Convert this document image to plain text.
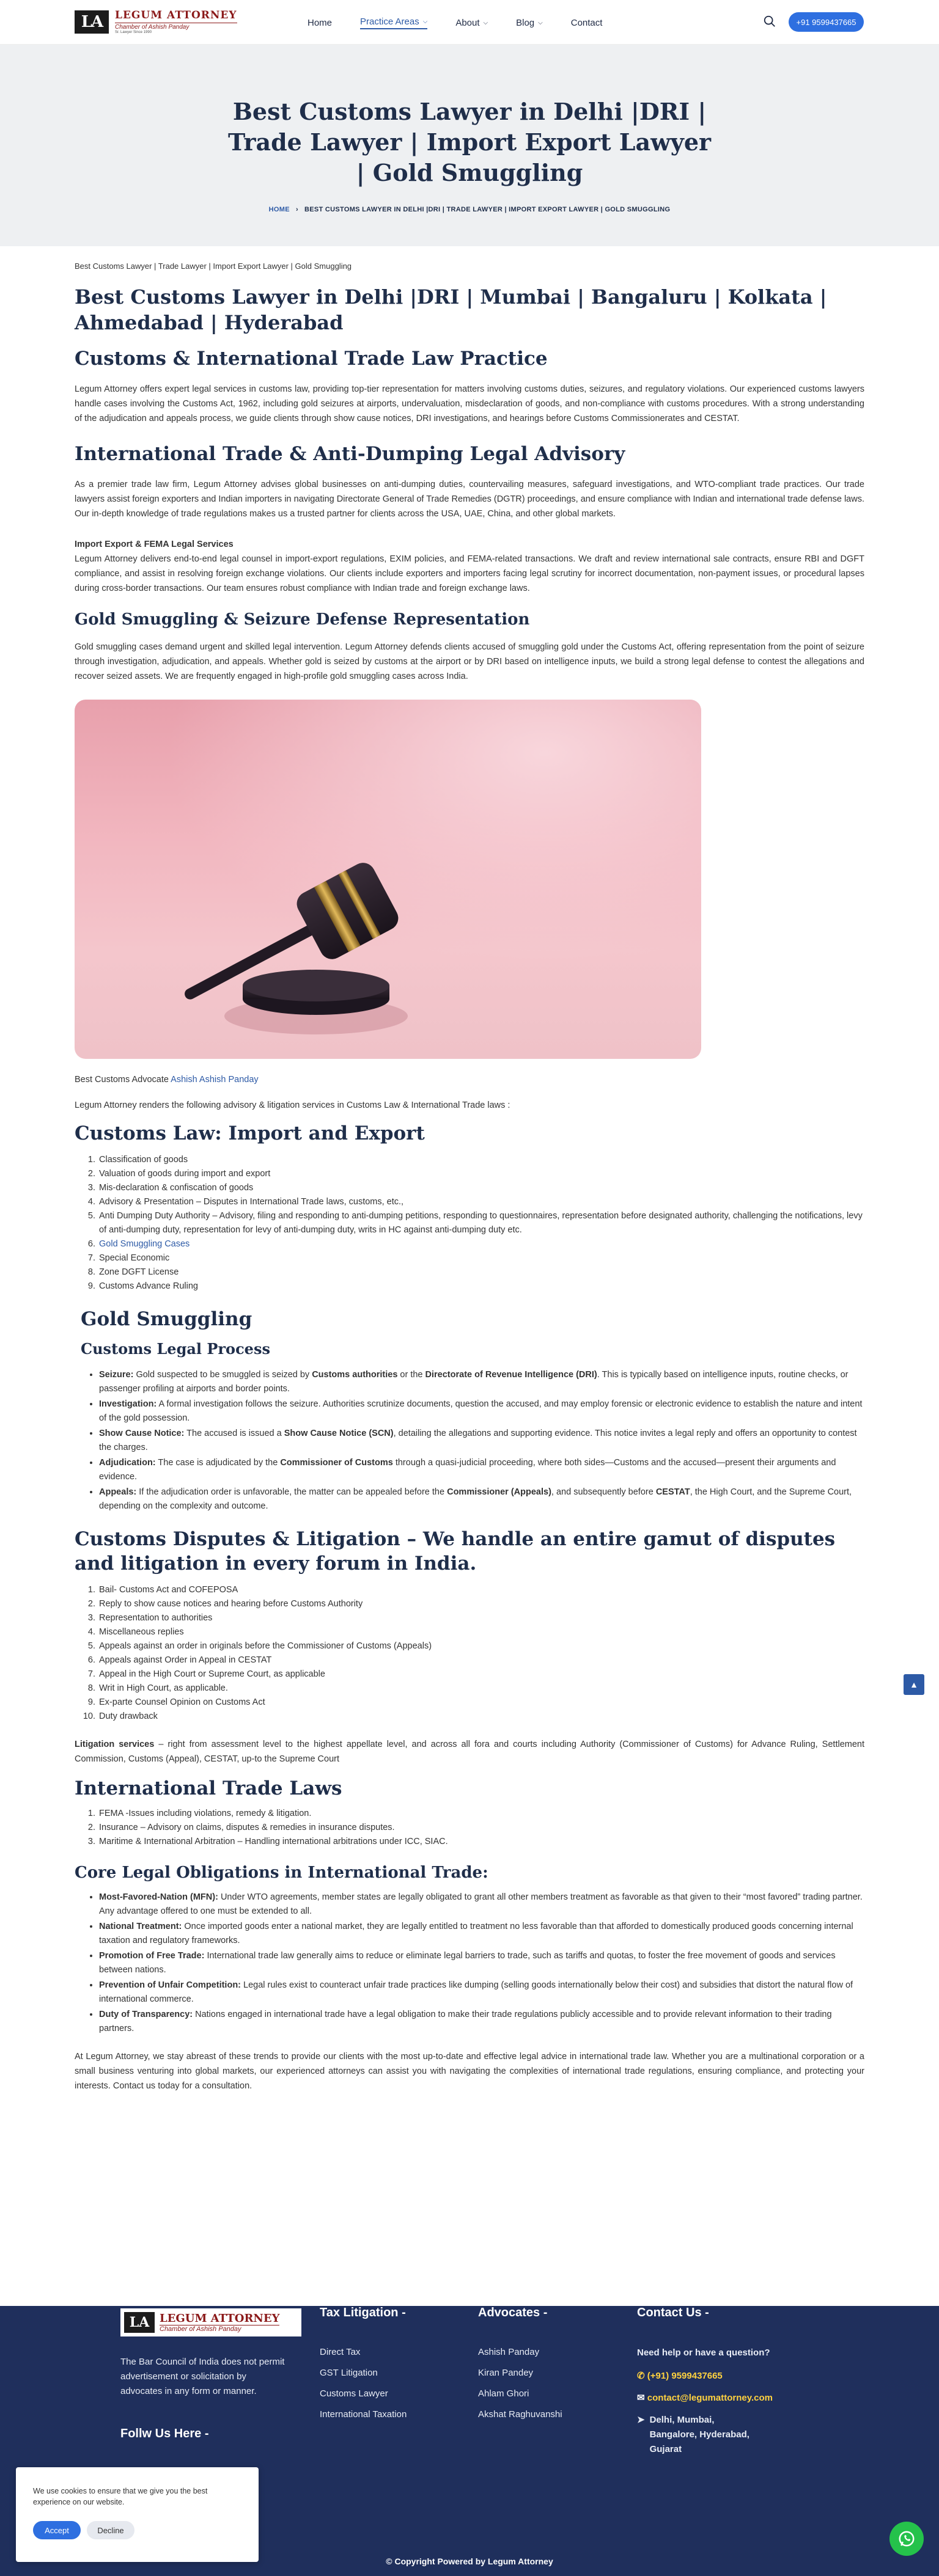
LA	LEGUM ATTORNEY
Chamber of Ashish Panday
Sr. Lawyer Since 1990
Home	Practice Areas ⌵	About ⌵	Blog ⌵	Contact	+91 9599437665
Best Customs Lawyer in Delhi |DRI | Trade Lawyer | Import Export Lawyer | Gold Smuggling
HOME › BEST CUSTOMS LAWYER IN DELHI |DRI | TRADE LAWYER | IMPORT EXPORT LAWYER | GOLD SMUGGLING

Best Customs Lawyer | Trade Lawyer | Import Export Lawyer | Gold Smuggling

Best Customs Lawyer in Delhi |DRI | Mumbai | Bangaluru | Kolkata | Ahmedabad | Hyderabad
Customs & International Trade Law Practice

Legum Attorney offers expert legal services in customs law, providing top-tier representation for matters involving customs duties, seizures, and regulatory violations. Our experienced customs lawyers handle cases involving the Customs Act, 1962, including gold seizures at airports, undervaluation, misdeclaration of goods, and non-compliance with customs procedures. With a strong understanding of the adjudication and appeals process, we guide clients through show cause notices, DRI investigations, and hearings before Customs Commissionerates and CESTAT.

International Trade & Anti-Dumping Legal Advisory

As a premier trade law firm, Legum Attorney advises global businesses on anti-dumping duties, countervailing measures, safeguard investigations, and WTO-compliant trade practices. Our trade lawyers assist foreign exporters and Indian importers in navigating Directorate General of Trade Remedies (DGTR) proceedings, and ensure compliance with Indian and international trade defense laws. Our in-depth knowledge of trade regulations makes us a trusted partner for clients across the USA, UAE, China, and other global markets.

Import Export & FEMA Legal Services

Legum Attorney delivers end-to-end legal counsel in import-export regulations, EXIM policies, and FEMA-related transactions. We draft and review international sale contracts, ensure RBI and DGFT compliance, and assist in resolving foreign exchange violations. Our clients include exporters and importers facing legal scrutiny for incorrect documentation, non-payment issues, or procedural lapses during cross-border transactions. Our team ensures robust compliance with Indian trade and foreign exchange laws.

Gold Smuggling & Seizure Defense Representation

Gold smuggling cases demand urgent and skilled legal intervention. Legum Attorney defends clients accused of smuggling gold under the Customs Act, offering representation from the point of seizure through investigation, adjudication, and appeals. Whether gold is seized by customs at the airport or by DRI based on intelligence inputs, we build a strong legal defense to contest the allegations and recover seized assets. We are frequently engaged in high-profile gold smuggling cases across India.

Best Customs Advocate Ashish Ashish Panday

Legum Attorney renders the following advisory & litigation services in Customs Law & International Trade laws :

Customs Law: Import and Export
1. Classification of goods
2. Valuation of goods during import and export
3. Mis-declaration & confiscation of goods
4. Advisory & Presentation – Disputes in International Trade laws, customs, etc.,
5. Anti Dumping Duty Authority – Advisory, filing and responding to anti-dumping petitions, responding to questionnaires, representation before designated authority, challenging the notifications, levy of anti-dumping duty, representation for levy of anti-dumping duty, writs in HC against anti-dumping duty etc.
6. Gold Smuggling Cases
7. Special Economic
8. Zone DGFT License
9. Customs Advance Ruling
Gold Smuggling
Customs Legal Process
• Seizure: Gold suspected to be smuggled is seized by Customs authorities or the Directorate of Revenue Intelligence (DRI). This is typically based on intelligence inputs, routine checks, or passenger profiling at airports and border points.
• Investigation: A formal investigation follows the seizure. Authorities scrutinize documents, question the accused, and may employ forensic or electronic evidence to establish the nature and intent of the gold possession.
• Show Cause Notice: The accused is issued a Show Cause Notice (SCN), detailing the allegations and supporting evidence. This notice invites a legal reply and offers an opportunity to contest the charges.
• Adjudication: The case is adjudicated by the Commissioner of Customs through a quasi-judicial proceeding, where both sides—Customs and the accused—present their arguments and evidence.
• Appeals: If the adjudication order is unfavorable, the matter can be appealed before the Commissioner (Appeals), and subsequently before CESTAT, the High Court, and the Supreme Court, depending on the complexity and outcome.
Customs Disputes & Litigation – We handle an entire gamut of disputes and litigation in every forum in India.
1. Bail- Customs Act and COFEPOSA
2. Reply to show cause notices and hearing before Customs Authority
3. Representation to authorities
4. Miscellaneous replies
5. Appeals against an order in originals before the Commissioner of Customs (Appeals)
6. Appeals against Order in Appeal in CESTAT
7. Appeal in the High Court or Supreme Court, as applicable
8. Writ in High Court, as applicable.
9. Ex-parte Counsel Opinion on Customs Act
10. Duty drawback

Litigation services – right from assessment level to the highest appellate level, and across all fora and courts including Authority (Commissioner of Customs) for Advance Ruling, Settlement Commission, Customs (Appeal), CESTAT, up-to the Supreme Court

International Trade Laws
1. FEMA -Issues including violations, remedy & litigation.
2. Insurance – Advisory on claims, disputes & remedies in insurance disputes.
3. Maritime & International Arbitration – Handling international arbitrations under ICC, SIAC.
Core Legal Obligations in International Trade:
• Most-Favored-Nation (MFN): Under WTO agreements, member states are legally obligated to grant all other members treatment as favorable as that given to their “most favored” trading partner. Any advantage offered to one must be extended to all.
• National Treatment: Once imported goods enter a national market, they are legally entitled to treatment no less favorable than that afforded to domestically produced goods concerning internal taxation and regulatory frameworks.
• Promotion of Free Trade: International trade law generally aims to reduce or eliminate legal barriers to trade, such as tariffs and quotas, to foster the free movement of goods and services between nations.
• Prevention of Unfair Competition: Legal rules exist to counteract unfair trade practices like dumping (selling goods internationally below their cost) and subsidies that distort the natural flow of international commerce.
• Duty of Transparency: Nations engaged in international trade have a legal obligation to make their trade regulations publicly accessible and to provide relevant information to their trading partners.

At Legum Attorney, we stay abreast of these trends to provide our clients with the most up-to-date and effective legal advice in international trade law. Whether you are a multinational corporation or a small business venturing into global markets, our experienced attorneys can assist you with navigating the complexities of international trade regulations, ensuring compliance, and protecting your interests. Contact us today for a consultation.

▲
LA LEGUM ATTORNEY
Chamber of Ashish Panday

The Bar Council of India does not permit advertisement or solicitation by advocates in any form or manner.

Follw Us Here -

Tax Litigation -

Direct Tax

GST Litigation

Customs Lawyer

International Taxation

Advocates -

Ashish Panday

Kiran Pandey

Ahlam Ghori

Akshat Raghuvanshi

Contact Us -

Need help or have a question?

✆ (+91) 9599437665

✉ contact@legumattorney.com

➤ Delhi, Mumbai, Bangalore, Hyderabad, Gujarat

© Copyright Powered by Legum Attorney

We use cookies to ensure that we give you the best experience on our website.

Accept	Decline
